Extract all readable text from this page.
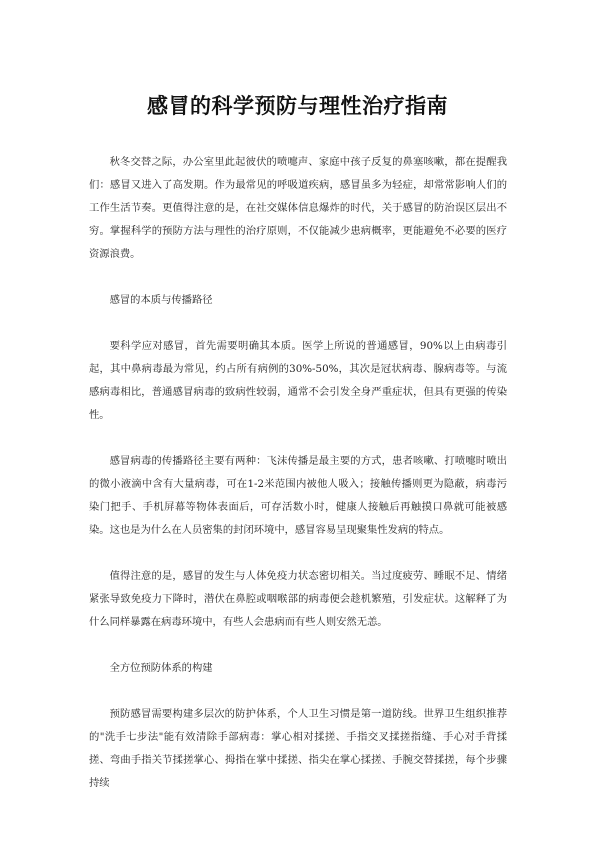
感冒的科学预防与理性治疗指南

秋冬交替之际，办公室里此起彼伏的喷嚏声、家庭中孩子反复的鼻塞咳嗽，都在提醒我们：感冒又进入了高发期。作为最常见的呼吸道疾病，感冒虽多为轻症，却常常影响人们的工作生活节奏。更值得注意的是，在社交媒体信息爆炸的时代，关于感冒的防治误区层出不穷。掌握科学的预防方法与理性的治疗原则，不仅能减少患病概率，更能避免不必要的医疗资源浪费。

感冒的本质与传播路径

要科学应对感冒，首先需要明确其本质。医学上所说的普通感冒，90%以上由病毒引起，其中鼻病毒最为常见，约占所有病例的30%-50%，其次是冠状病毒、腺病毒等。与流感病毒相比，普通感冒病毒的致病性较弱，通常不会引发全身严重症状，但具有更强的传染性。

感冒病毒的传播路径主要有两种：飞沫传播是最主要的方式，患者咳嗽、打喷嚏时喷出的微小液滴中含有大量病毒，可在1-2米范围内被他人吸入；接触传播则更为隐蔽，病毒污染门把手、手机屏幕等物体表面后，可存活数小时，健康人接触后再触摸口鼻就可能被感染。这也是为什么在人员密集的封闭环境中，感冒容易呈现聚集性发病的特点。

值得注意的是，感冒的发生与人体免疫力状态密切相关。当过度疲劳、睡眠不足、情绪紧张导致免疫力下降时，潜伏在鼻腔或咽喉部的病毒便会趁机繁殖，引发症状。这解释了为什么同样暴露在病毒环境中，有些人会患病而有些人则安然无恙。

全方位预防体系的构建

预防感冒需要构建多层次的防护体系，个人卫生习惯是第一道防线。世界卫生组织推荐的"洗手七步法"能有效清除手部病毒：掌心相对揉搓、手指交叉揉搓指缝、手心对手背揉搓、弯曲手指关节揉搓掌心、拇指在掌中揉搓、指尖在掌心揉搓、手腕交替揉搓，每个步骤持续
